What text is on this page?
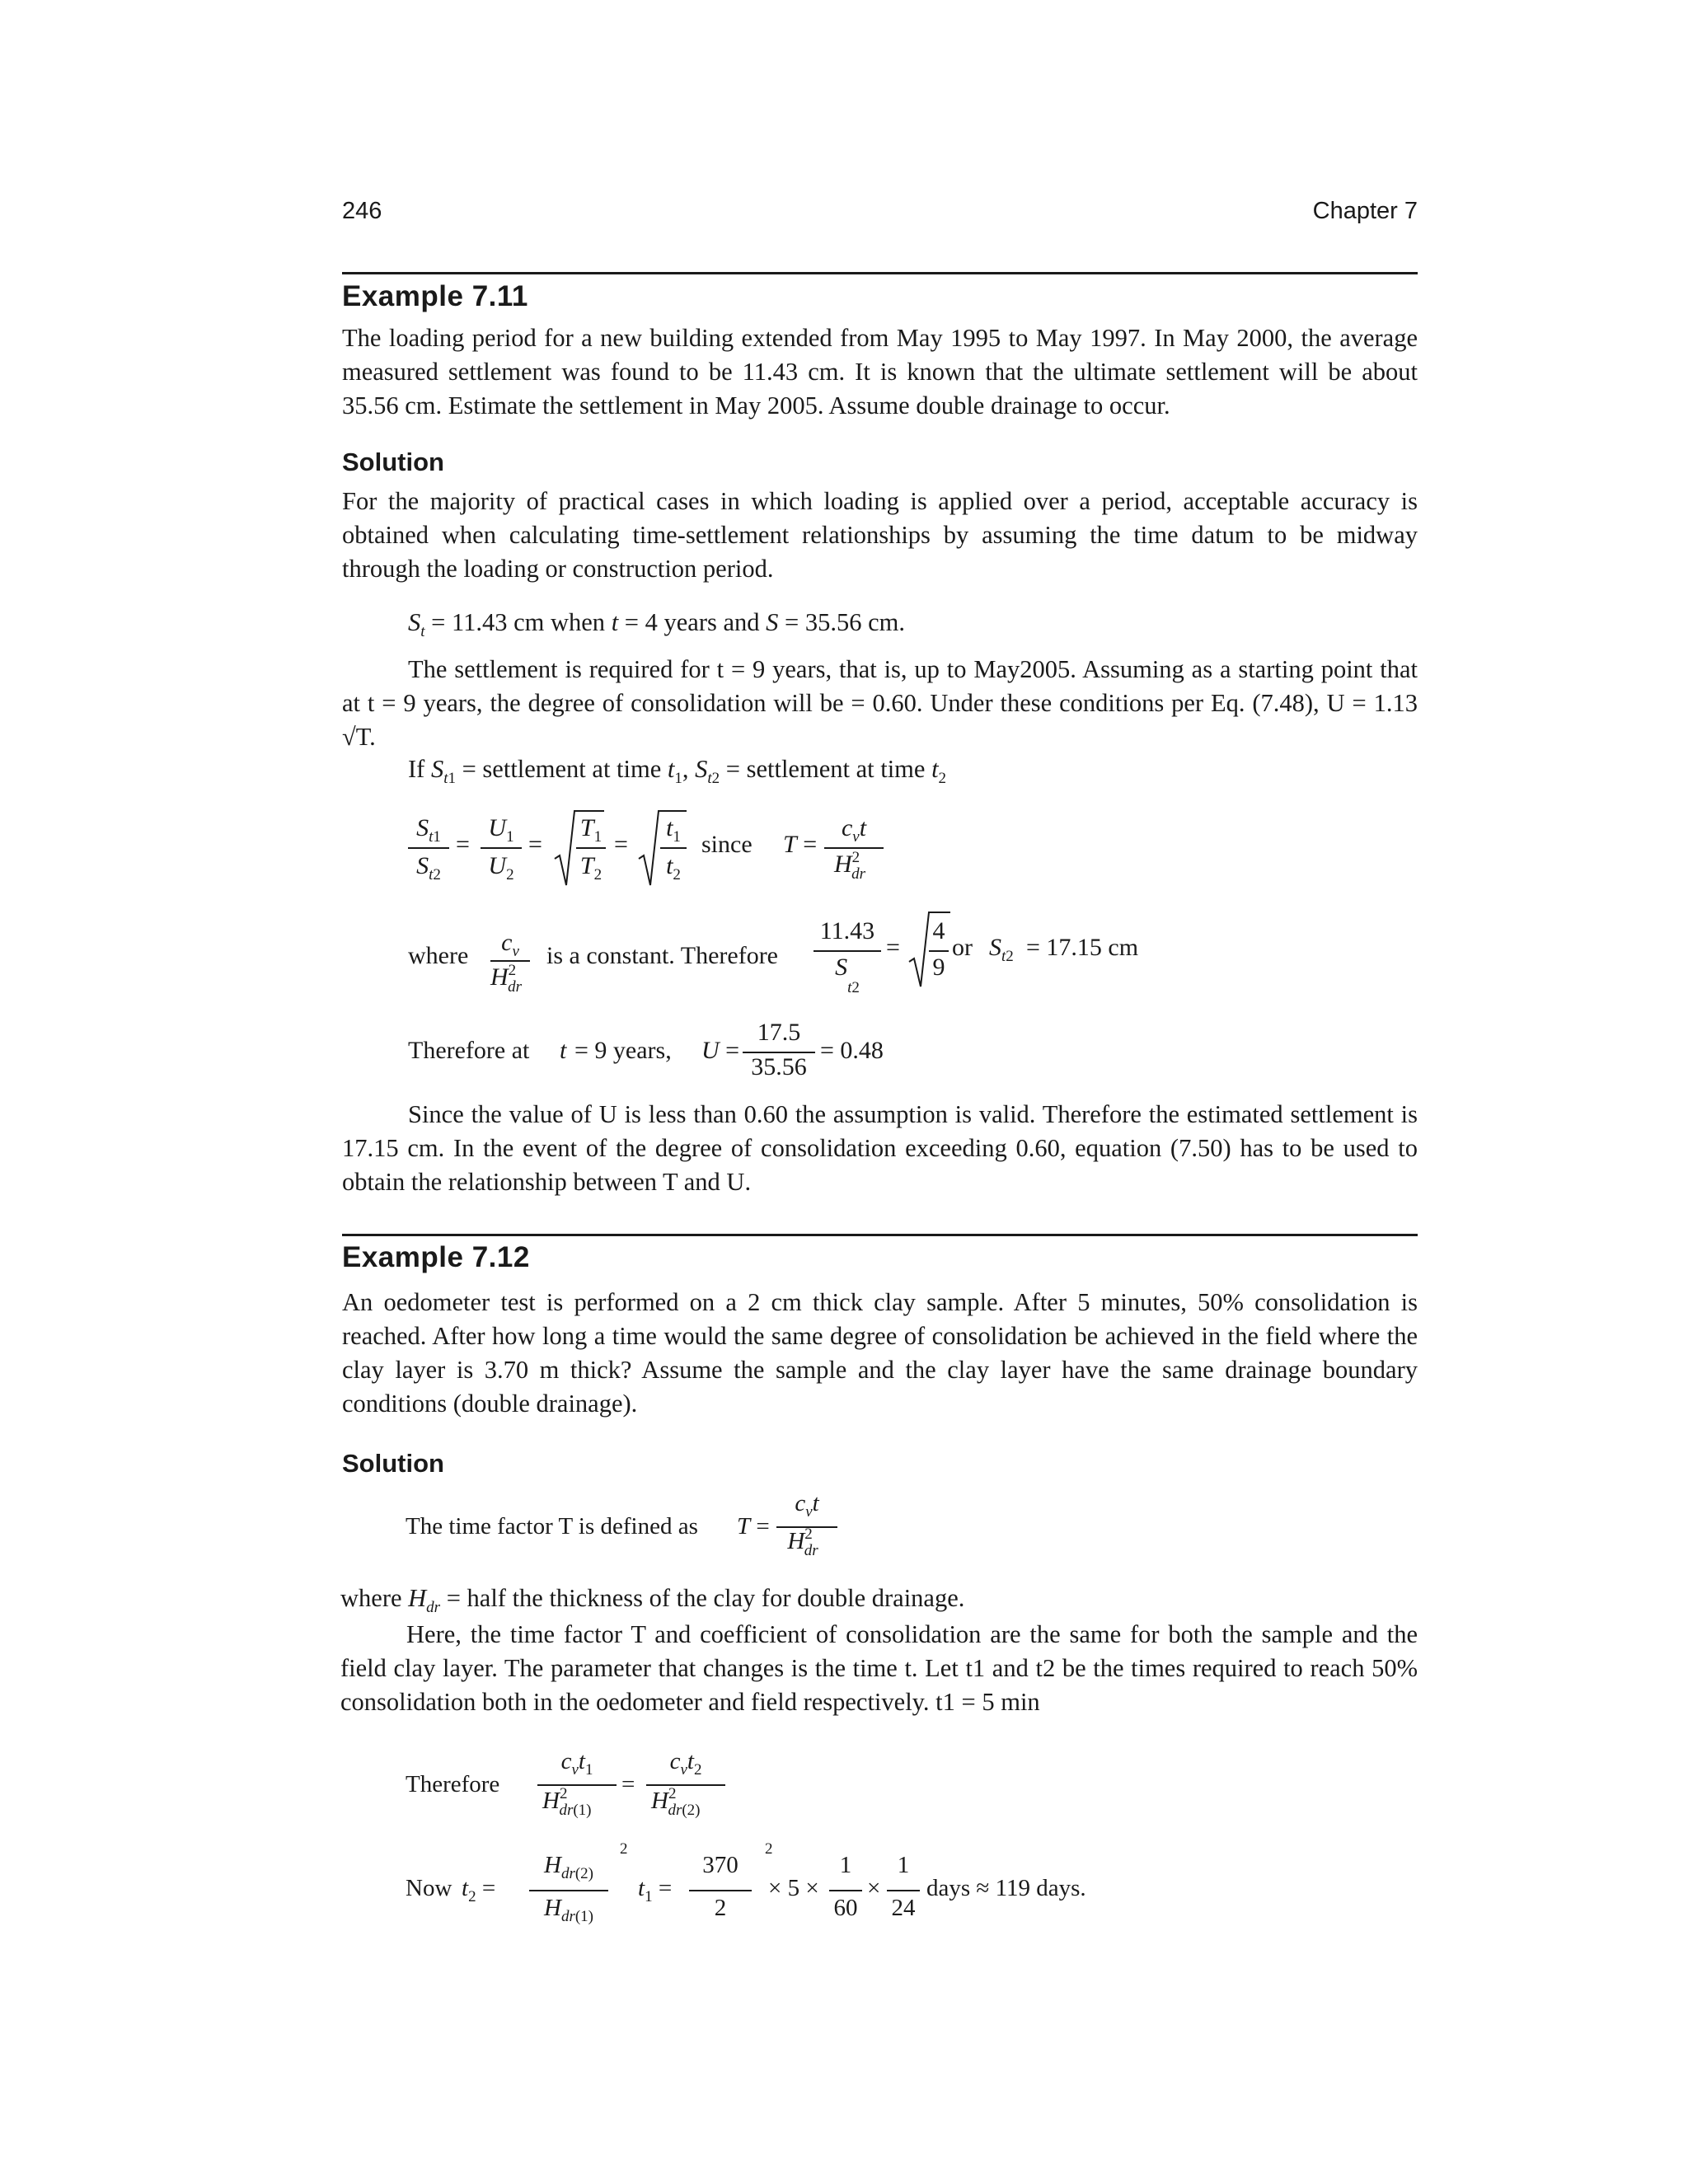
246	Chapter 7
Example 7.11
The loading period for a new building extended from May 1995 to May 1997. In May 2000, the average measured settlement was found to be 11.43 cm. It is known that the ultimate settlement will be about 35.56 cm. Estimate the settlement in May 2005. Assume double drainage to occur.
Solution
For the majority of practical cases in which loading is applied over a period, acceptable accuracy is obtained when calculating time-settlement relationships by assuming the time datum to be midway through the loading or construction period.
$S_t = 11.43$ cm when t = 4 years and S = 35.56 cm.
The settlement is required for t = 9 years, that is, up to May2005. Assuming as a starting point that at t = 9 years, the degree of consolidation will be = 0.60. Under these conditions per Eq. (7.48), U = 1.13 √T.
If $S_{t1}$ = settlement at time $t_1$, $S_{t2}$ = settlement at time $t_2$
$S_{t1}$
$S_{t2}$
=
$U_1$
$U_2$
=
$T_1$
$T_2$
=
$t_1$
$t_2$
since T =
$c_vt$
$H^2_{dr}$
where	$c_v$
$H^2_{dr}$
is a constant. Therefore
11.43
$S_{t2}$
=
4
9
or $S_{t2} = 17.15$ cm
Therefore at t = 9 years, U =
17.5
35.56
= 0.48
Since the value of U is less than 0.60 the assumption is valid. Therefore the estimated settlement is 17.15 cm. In the event of the degree of consolidation exceeding 0.60, equation (7.50) has to be used to obtain the relationship between T and U.
Example 7.12
An oedometer test is performed on a 2 cm thick clay sample. After 5 minutes, 50% consolidation is reached. After how long a time would the same degree of consolidation be achieved in the field where the clay layer is 3.70 m thick? Assume the sample and the clay layer have the same drainage boundary conditions (double drainage).
Solution
The time factor T is defined as T =
$c_vt$
$H^2_{dr}$
where $H_{dr}$ = half the thickness of the clay for double drainage.
Here, the time factor T and coefficient of consolidation are the same for both the sample and the field clay layer. The parameter that changes is the time t. Let t1 and t2 be the times required to reach 50% consolidation both in the oedometer and field respectively. t1 = 5 min
Therefore
$c_vt_1$
$H^2_{dr(1)}$
=
$c_vt_2$
$H^2_{dr(2)}$
Now $t_2$ =
$H_{dr(2)}$
$H_{dr(1)}$
2
$t_1$ =
370
2
2
× 5 ×
1
60
×
1
24
days ≈ 119 days.
